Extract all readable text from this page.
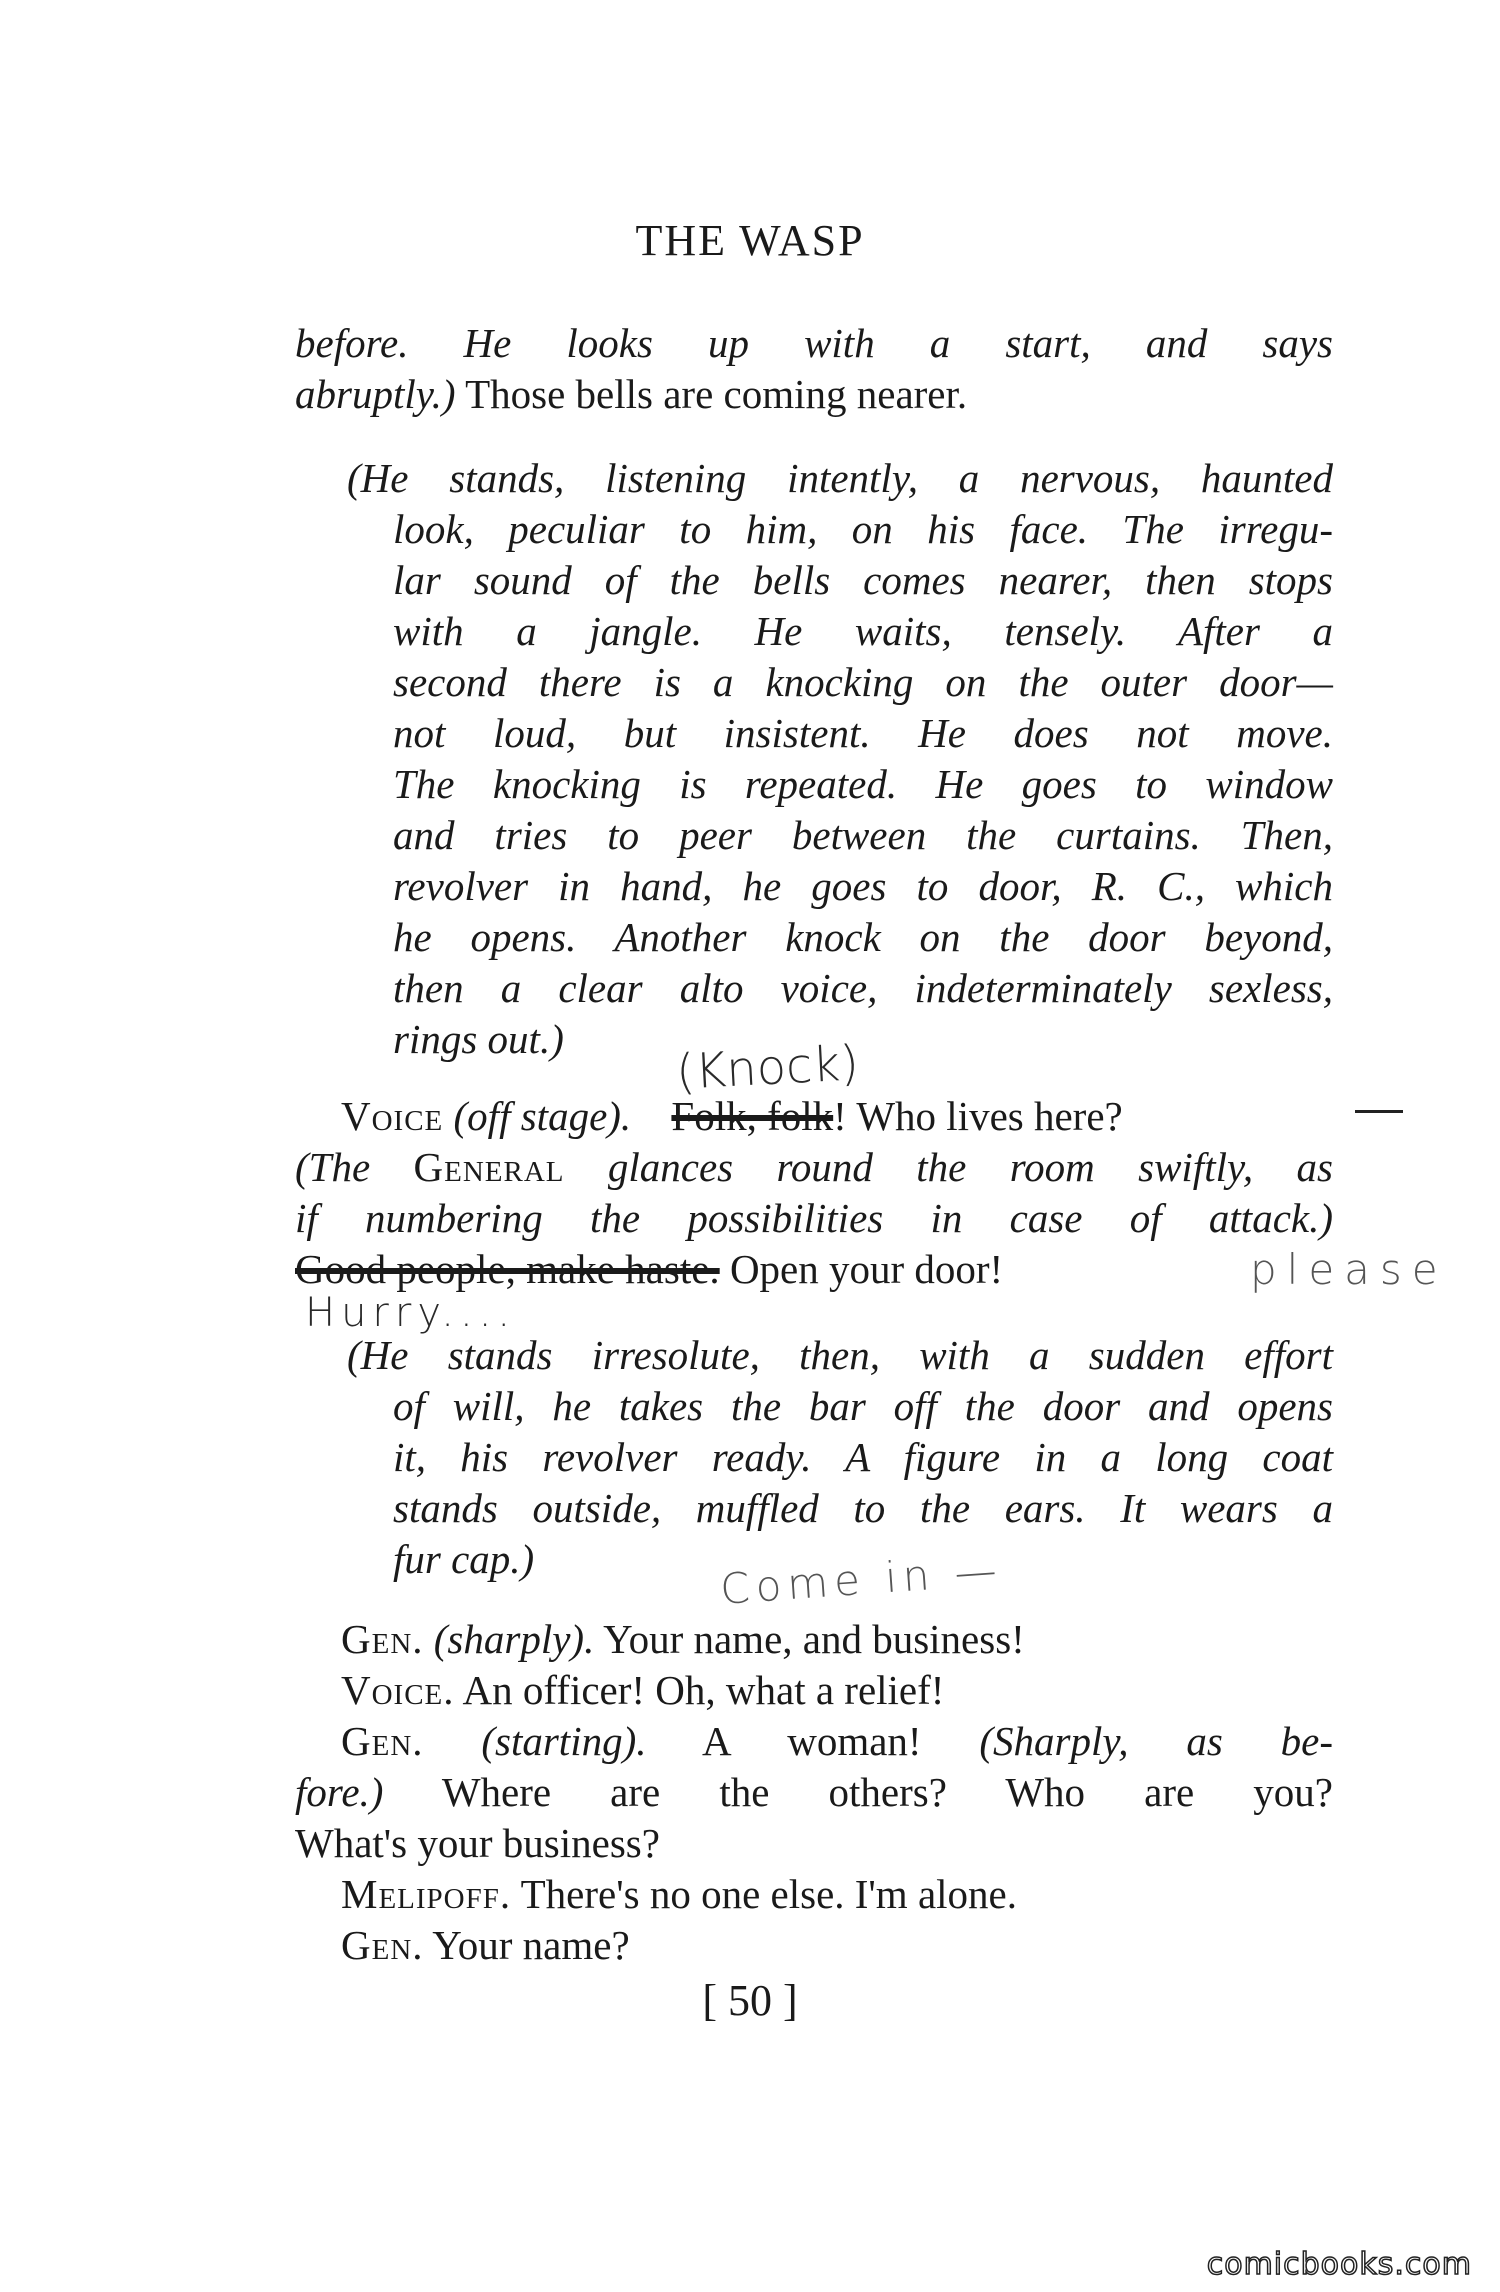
THE WASP
before. He looks up with a start, and says
abruptly.) Those bells are coming nearer.
(He stands, listening intently, a nervous, haunted
look, peculiar to him, on his face. The irregu-
lar sound of the bells comes nearer, then stops
with a jangle. He waits, tensely. After a
second there is a knocking on the outer door—
not loud, but insistent. He does not move.
The knocking is repeated. He goes to window
and tries to peer between the curtains. Then,
revolver in hand, he goes to door, R. C., which
he opens. Another knock on the door beyond,
then a clear alto voice, indeterminately sexless,
rings out.)
Voice (off stage). Folk, folk! Who lives here?
(The General glances round the room swiftly, as
if numbering the possibilities in case of attack.)
Good people, make haste. Open your door!
(He stands irresolute, then, with a sudden effort
of will, he takes the bar off the door and opens
it, his revolver ready. A figure in a long coat
stands outside, muffled to the ears. It wears a
fur cap.)
Gen. (sharply). Your name, and business!
Voice. An officer! Oh, what a relief!
Gen. (starting). A woman! (Sharply, as be-
fore.) Where are the others? Who are you?
What's your business?
Melipoff. There's no one else. I'm alone.
Gen. Your name?
(Knock)
please
Hurry....
Come in —
[ 50 ]
comicbooks.com
